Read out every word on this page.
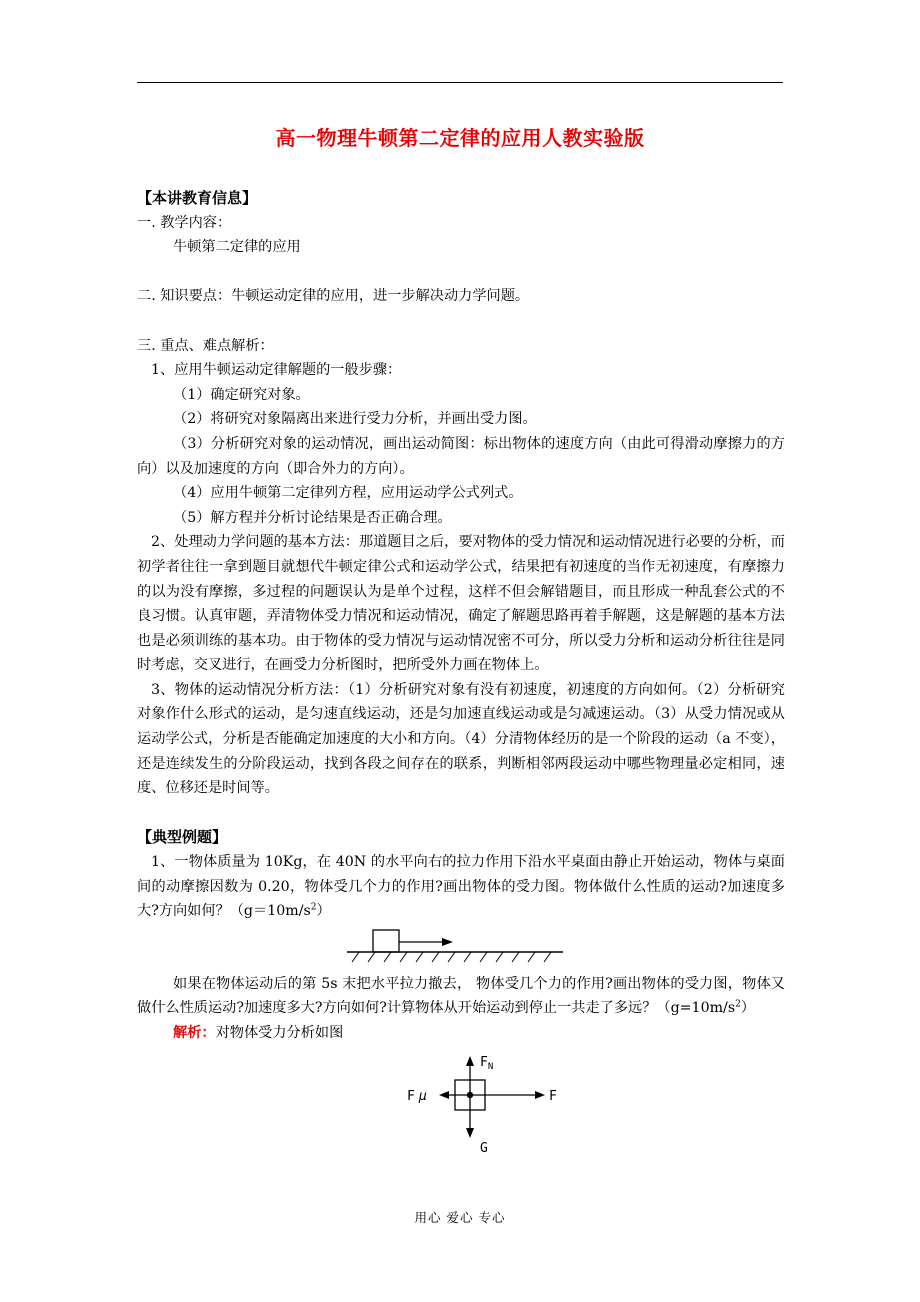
高一物理牛顿第二定律的应用人教实验版

【本讲教育信息】

一. 教学内容：

牛顿第二定律的应用

二. 知识要点：牛顿运动定律的应用，进一步解决动力学问题。

三. 重点、难点解析：

1、应用牛顿运动定律解题的一般步骤：

（1）确定研究对象。

（2）将研究对象隔离出来进行受力分析，并画出受力图。

（3）分析研究对象的运动情况，画出运动简图：标出物体的速度方向（由此可得滑动摩擦力的方向）以及加速度的方向（即合外力的方向）。

（4）应用牛顿第二定律列方程，应用运动学公式列式。

（5）解方程并分析讨论结果是否正确合理。

2、处理动力学问题的基本方法：那道题目之后，要对物体的受力情况和运动情况进行必要的分析，而初学者往往一拿到题目就想代牛顿定律公式和运动学公式，结果把有初速度的当作无初速度，有摩擦力的以为没有摩擦，多过程的问题误认为是单个过程，这样不但会解错题目，而且形成一种乱套公式的不良习惯。认真审题，弄清物体受力情况和运动情况，确定了解题思路再着手解题，这是解题的基本方法也是必须训练的基本功。由于物体的受力情况与运动情况密不可分，所以受力分析和运动分析往往是同时考虑，交叉进行，在画受力分析图时，把所受外力画在物体上。

3、物体的运动情况分析方法：（1）分析研究对象有没有初速度，初速度的方向如何。（2）分析研究对象作什么形式的运动，是匀速直线运动，还是匀加速直线运动或是匀减速运动。（3）从受力情况或从运动学公式，分析是否能确定加速度的大小和方向。（4）分清物体经历的是一个阶段的运动（a 不变），还是连续发生的分阶段运动，找到各段之间存在的联系，判断相邻两段运动中哪些物理量必定相同，速度、位移还是时间等。

【典型例题】

1、一物体质量为 10Kg，在 40N 的水平向右的拉力作用下沿水平桌面由静止开始运动，物体与桌面间的动摩擦因数为 0.20，物体受几个力的作用?画出物体的受力图。物体做什么性质的运动?加速度多大?方向如何？$(g=10m/s^2)$

如果在物体运动后的第 5s 末把水平拉力撤去， 物体受几个力的作用?画出物体的受力图，物体又做什么性质运动?加速度多大?方向如何?计算物体从开始运动到停止一共走了多远？$(g=10m/s^2)$

解析：对物体受力分析如图

$F_N$
F μ	F
G
用心 爱心 专心
